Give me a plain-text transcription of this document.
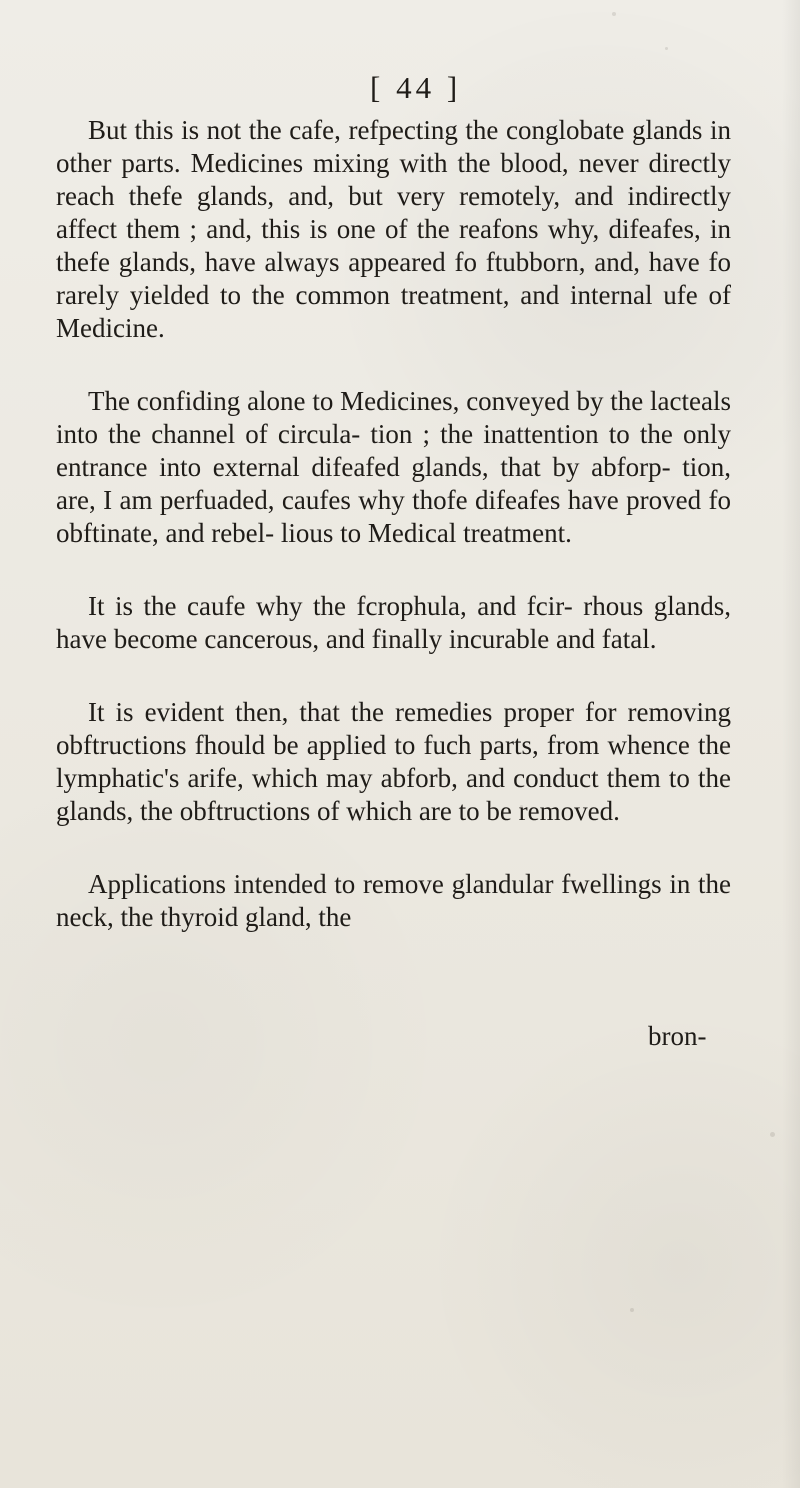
[ 44 ]

But this is not the cafe, refpecting the conglobate glands in other parts. Medicines mixing with the blood, never directly reach thefe glands, and, but very remotely, and indirectly affect them ; and, this is one of the reafons why, difeafes, in thefe glands, have always appeared fo ftubborn, and, have fo rarely yielded to the common treatment, and internal ufe of Medicine.

The confiding alone to Medicines, conveyed by the lacteals into the channel of circula- tion ; the inattention to the only entrance into external difeafed glands, that by abforp- tion, are, I am perfuaded, caufes why thofe difeafes have proved fo obftinate, and rebel- lious to Medical treatment.

It is the caufe why the fcrophula, and fcir- rhous glands, have become cancerous, and finally incurable and fatal.

It is evident then, that the remedies proper for removing obftructions fhould be applied to fuch parts, from whence the lymphatic's arife, which may abforb, and conduct them to the glands, the obftructions of which are to be removed.

Applications intended to remove glandular fwellings in the neck, the thyroid gland, the

bron-
